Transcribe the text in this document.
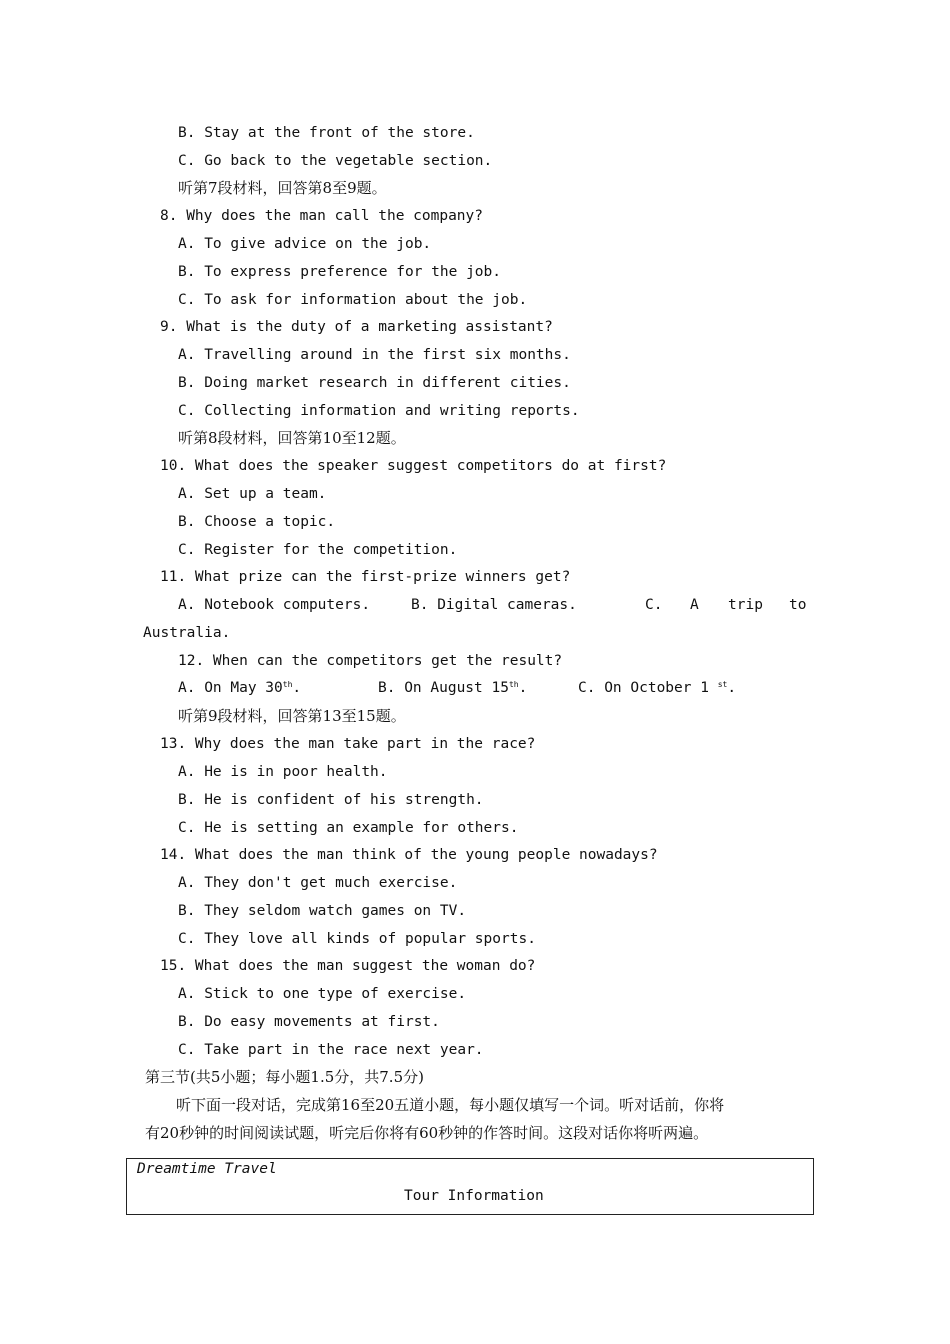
B. Stay at the front of the store.
C. Go back to the vegetable section.
听第7段材料，回答第8至9题。
8. Why does the man call the company?
A. To give advice on the job.
B. To express preference for the job.
C. To ask for information about the job.
9. What is the duty of a marketing assistant?
A. Travelling around in the first six months.
B. Doing market research in different cities.
C. Collecting information and writing reports.
听第8段材料，回答第10至12题。
10. What does the speaker suggest competitors do at first?
A. Set up a team.
B. Choose a topic.
C. Register for the competition.
11. What prize can the first-prize winners get?
A. Notebook computers.	B. Digital cameras.	C. A trip to
Australia.
12. When can the competitors get the result?
A. On May 30th.	B. On August 15th.	C. On October 1 $^{st}$.
听第9段材料，回答第13至15题。
13. Why does the man take part in the race?
A. He is in poor health.
B. He is confident of his strength.
C. He is setting an example for others.
14. What does the man think of the young people nowadays?
A. They don't get much exercise.
B. They seldom watch games on TV.
C. They love all kinds of popular sports.
15. What does the man suggest the woman do?
A. Stick to one type of exercise.
B. Do easy movements at first.
C. Take part in the race next year.
第三节(共5小题；每小题1.5分，共7.5分)
听下面一段对话，完成第16至20五道小题，每小题仅填写一个词。听对话前，你将
有20秒钟的时间阅读试题，听完后你将有60秒钟的作答时间。这段对话你将听两遍。
Dreamtime Travel
Tour Information
